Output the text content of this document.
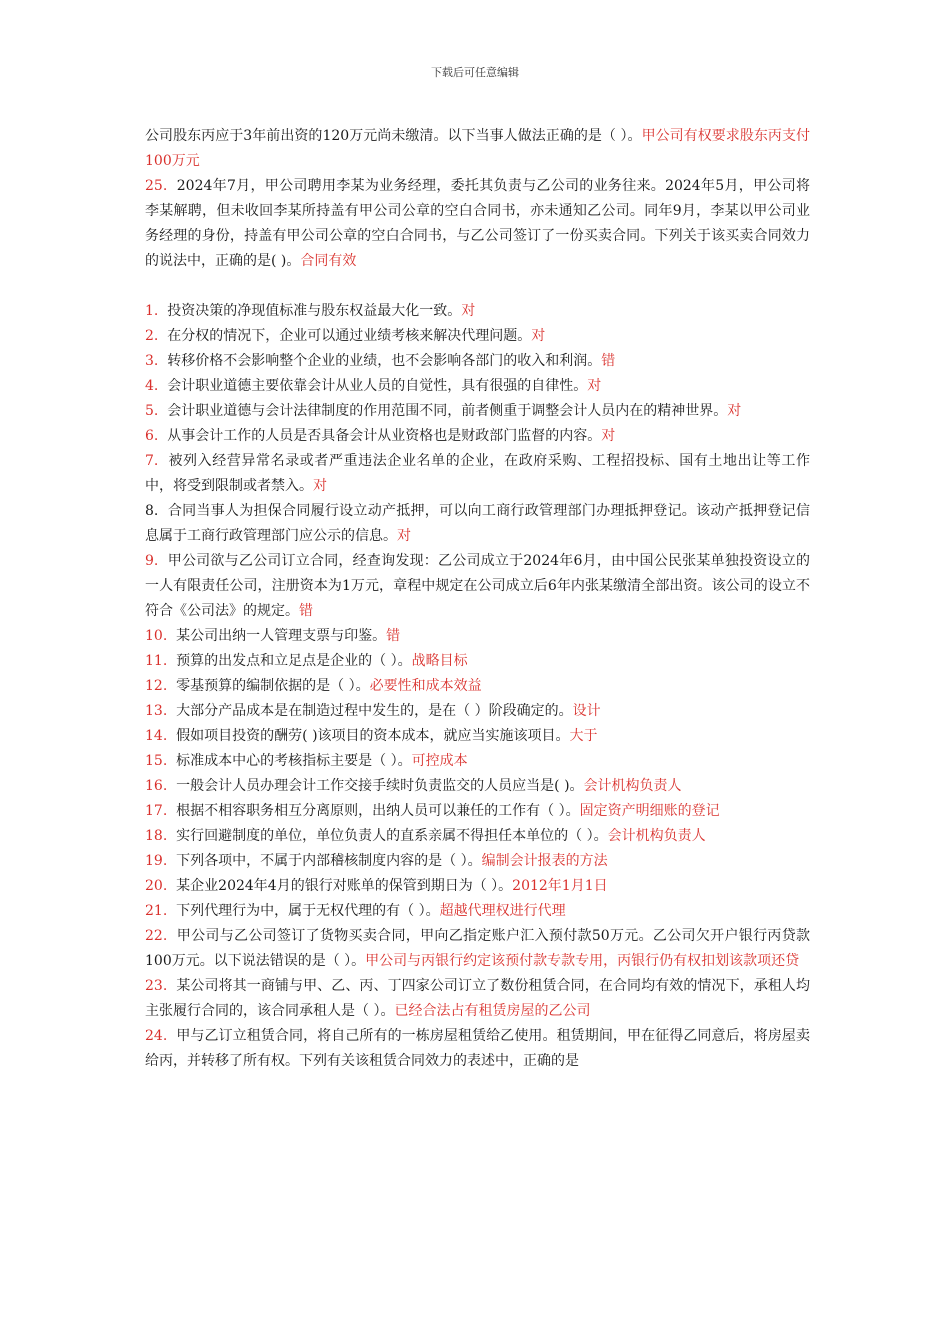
下载后可任意编辑

公司股东丙应于3年前出资的120万元尚未缴清。以下当事人做法正确的是（ ）。甲公司有权要求股东丙支付100万元

25. 2024年7月，甲公司聘用李某为业务经理，委托其负责与乙公司的业务往来。2024年5月，甲公司将李某解聘，但未收回李某所持盖有甲公司公章的空白合同书，亦未通知乙公司。同年9月，李某以甲公司业务经理的身份，持盖有甲公司公章的空白合同书，与乙公司签订了一份买卖合同。下列关于该买卖合同效力的说法中，正确的是( )。合同有效

1. 投资决策的净现值标准与股东权益最大化一致。对

2. 在分权的情况下，企业可以通过业绩考核来解决代理问题。对

3. 转移价格不会影响整个企业的业绩，也不会影响各部门的收入和利润。错

4. 会计职业道德主要依靠会计从业人员的自觉性，具有很强的自律性。对

5. 会计职业道德与会计法律制度的作用范围不同，前者侧重于调整会计人员内在的精神世界。对

6. 从事会计工作的人员是否具备会计从业资格也是财政部门监督的内容。对

7. 被列入经营异常名录或者严重违法企业名单的企业，在政府采购、工程招投标、国有土地出让等工作中，将受到限制或者禁入。对

8. 合同当事人为担保合同履行设立动产抵押，可以向工商行政管理部门办理抵押登记。该动产抵押登记信息属于工商行政管理部门应公示的信息。对

9. 甲公司欲与乙公司订立合同，经查询发现：乙公司成立于2024年6月，由中国公民张某单独投资设立的一人有限责任公司，注册资本为1万元，章程中规定在公司成立后6年内张某缴清全部出资。该公司的设立不符合《公司法》的规定。错

10. 某公司出纳一人管理支票与印鉴。错

11. 预算的出发点和立足点是企业的（ ）。战略目标

12. 零基预算的编制依据的是（ ）。必要性和成本效益

13. 大部分产品成本是在制造过程中发生的，是在（ ）阶段确定的。设计

14. 假如项目投资的酬劳( )该项目的资本成本，就应当实施该项目。大于

15. 标准成本中心的考核指标主要是（ ）。可控成本

16. 一般会计人员办理会计工作交接手续时负责监交的人员应当是( )。会计机构负责人

17. 根据不相容职务相互分离原则，出纳人员可以兼任的工作有（ ）。固定资产明细账的登记

18. 实行回避制度的单位，单位负责人的直系亲属不得担任本单位的（ ）。会计机构负责人

19. 下列各项中，不属于内部稽核制度内容的是（ ）。编制会计报表的方法

20. 某企业2024年4月的银行对账单的保管到期日为（ ）。2012年1月1日

21. 下列代理行为中，属于无权代理的有（ ）。超越代理权进行代理

22. 甲公司与乙公司签订了货物买卖合同，甲向乙指定账户汇入预付款50万元。乙公司欠开户银行丙贷款100万元。以下说法错误的是（ ）。甲公司与丙银行约定该预付款专款专用，丙银行仍有权扣划该款项还贷

23. 某公司将其一商铺与甲、乙、丙、丁四家公司订立了数份租赁合同，在合同均有效的情况下，承租人均主张履行合同的，该合同承租人是（ ）。已经合法占有租赁房屋的乙公司

24. 甲与乙订立租赁合同，将自己所有的一栋房屋租赁给乙使用。租赁期间，甲在征得乙同意后，将房屋卖给丙，并转移了所有权。下列有关该租赁合同效力的表述中，正确的是
